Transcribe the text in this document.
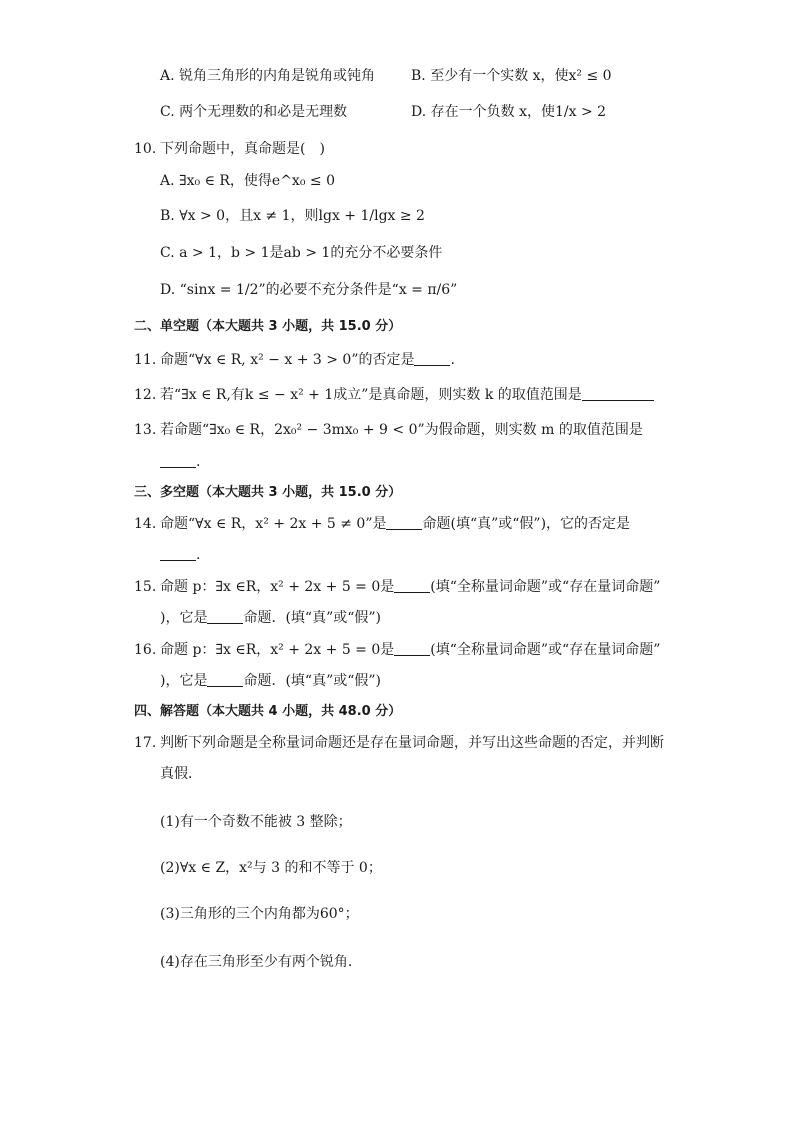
A. 锐角三角形的内角是锐角或钝角	B. 至少有一个实数 x，使x² ≤ 0
C. 两个无理数的和必是无理数	D. 存在一个负数 x，使1/x > 2
10. 下列命题中，真命题是(　)
A. ∃x₀ ∈ R，使得e^x₀ ≤ 0
B. ∀x > 0，且x ≠ 1，则lgx + 1/lgx ≥ 2
C. a > 1，b > 1是ab > 1的充分不必要条件
D. “sinx = 1/2”的必要不充分条件是“x = π/6”
二、单空题（本大题共 3 小题，共 15.0 分）
11. 命题“∀x ∈ R, x² − x + 3 > 0”的否定是	.
12. 若“∃x ∈ R,有k ≤ − x² + 1成立”是真命题，则实数 k 的取值范围是
13. 若命题“∃x₀ ∈ R，2x₀² − 3mx₀ + 9 < 0”为假命题，则实数 m 的取值范围是
.
三、多空题（本大题共 3 小题，共 15.0 分）
14. 命题“∀x ∈ R，x² + 2x + 5 ≠ 0”是	命题(填“真”或“假”)，它的否定是
.
15. 命题 p：∃x ∈R，x² + 2x + 5 = 0是	(填“全称量词命题”或“存在量词命题”
)，它是	命题．(填“真”或“假”)
16. 命题 p：∃x ∈R，x² + 2x + 5 = 0是	(填“全称量词命题”或“存在量词命题”
)，它是	命题．(填“真”或“假”)
四、解答题（本大题共 4 小题，共 48.0 分）
17. 判断下列命题是全称量词命题还是存在量词命题，并写出这些命题的否定，并判断
真假．
(1)有一个奇数不能被 3 整除；
(2)∀x ∈ Z，x²与 3 的和不等于 0；
(3)三角形的三个内角都为60°；
(4)存在三角形至少有两个锐角．
